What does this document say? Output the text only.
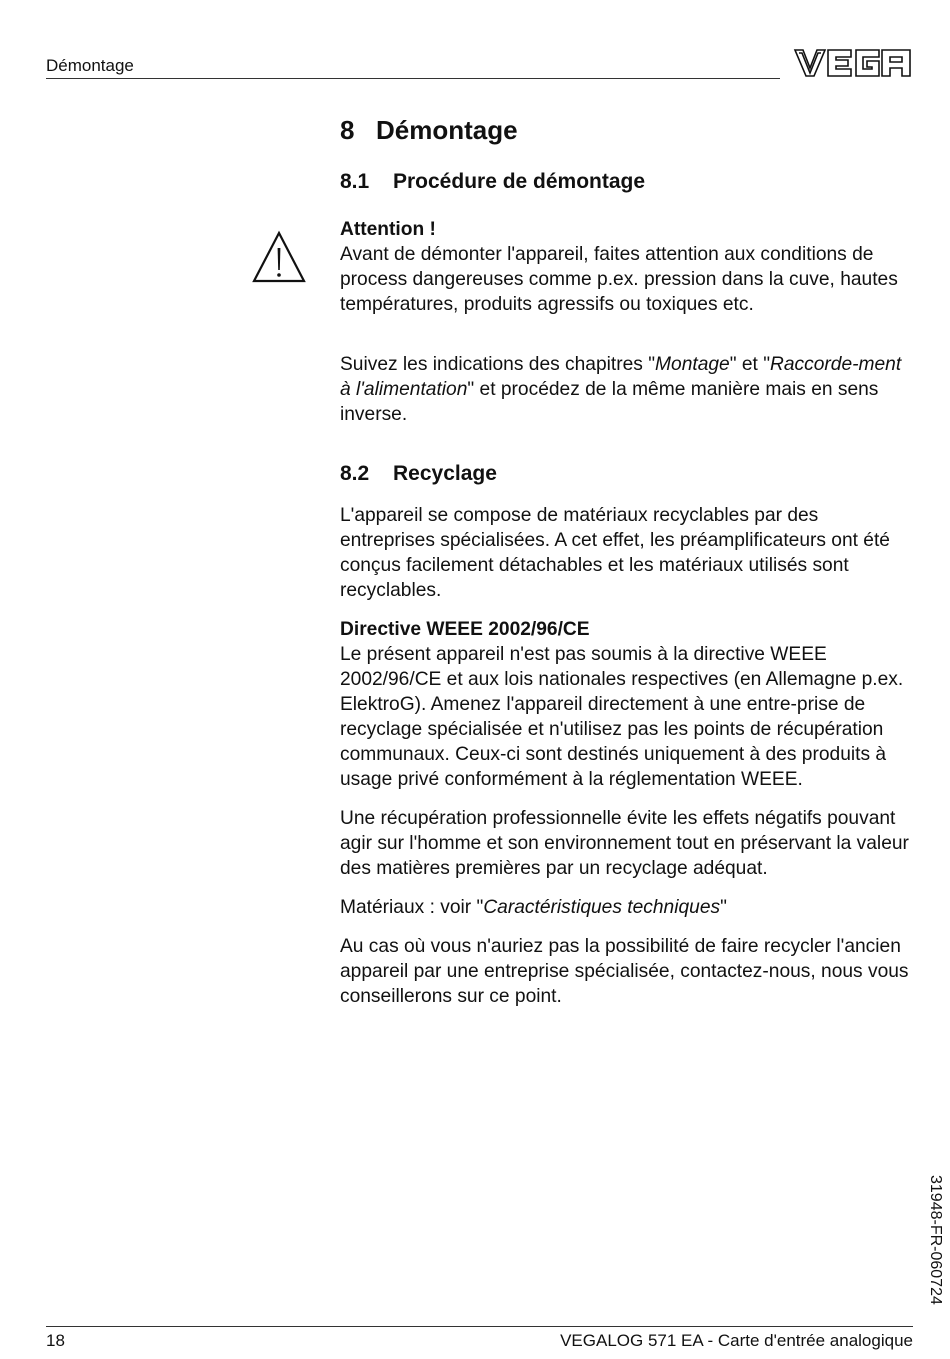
Démontage
8 Démontage
8.1 Procédure de démontage

Attention !

Avant de démonter l'appareil, faites attention aux conditions de process dangereuses comme p.ex. pression dans la cuve, hautes températures, produits agressifs ou toxiques etc.

Suivez les indications des chapitres "Montage" et "Raccorde-ment à l'alimentation" et procédez de la même manière mais en sens inverse.

8.2 Recyclage

L'appareil se compose de matériaux recyclables par des entreprises spécialisées. A cet effet, les préamplificateurs ont été conçus facilement détachables et les matériaux utilisés sont recyclables.

Directive WEEE 2002/96/CE

Le présent appareil n'est pas soumis à la directive WEEE 2002/96/CE et aux lois nationales respectives (en Allemagne p.ex. ElektroG). Amenez l'appareil directement à une entre-prise de recyclage spécialisée et n'utilisez pas les points de récupération communaux. Ceux-ci sont destinés uniquement à des produits à usage privé conformément à la réglementation WEEE.

Une récupération professionnelle évite les effets négatifs pouvant agir sur l'homme et son environnement tout en préservant la valeur des matières premières par un recyclage adéquat.

Matériaux : voir "Caractéristiques techniques"

Au cas où vous n'auriez pas la possibilité de faire recycler l'ancien appareil par une entreprise spécialisée, contactez-nous, nous vous conseillerons sur ce point.

31948-FR-060724
18	VEGALOG 571 EA - Carte d'entrée analogique
